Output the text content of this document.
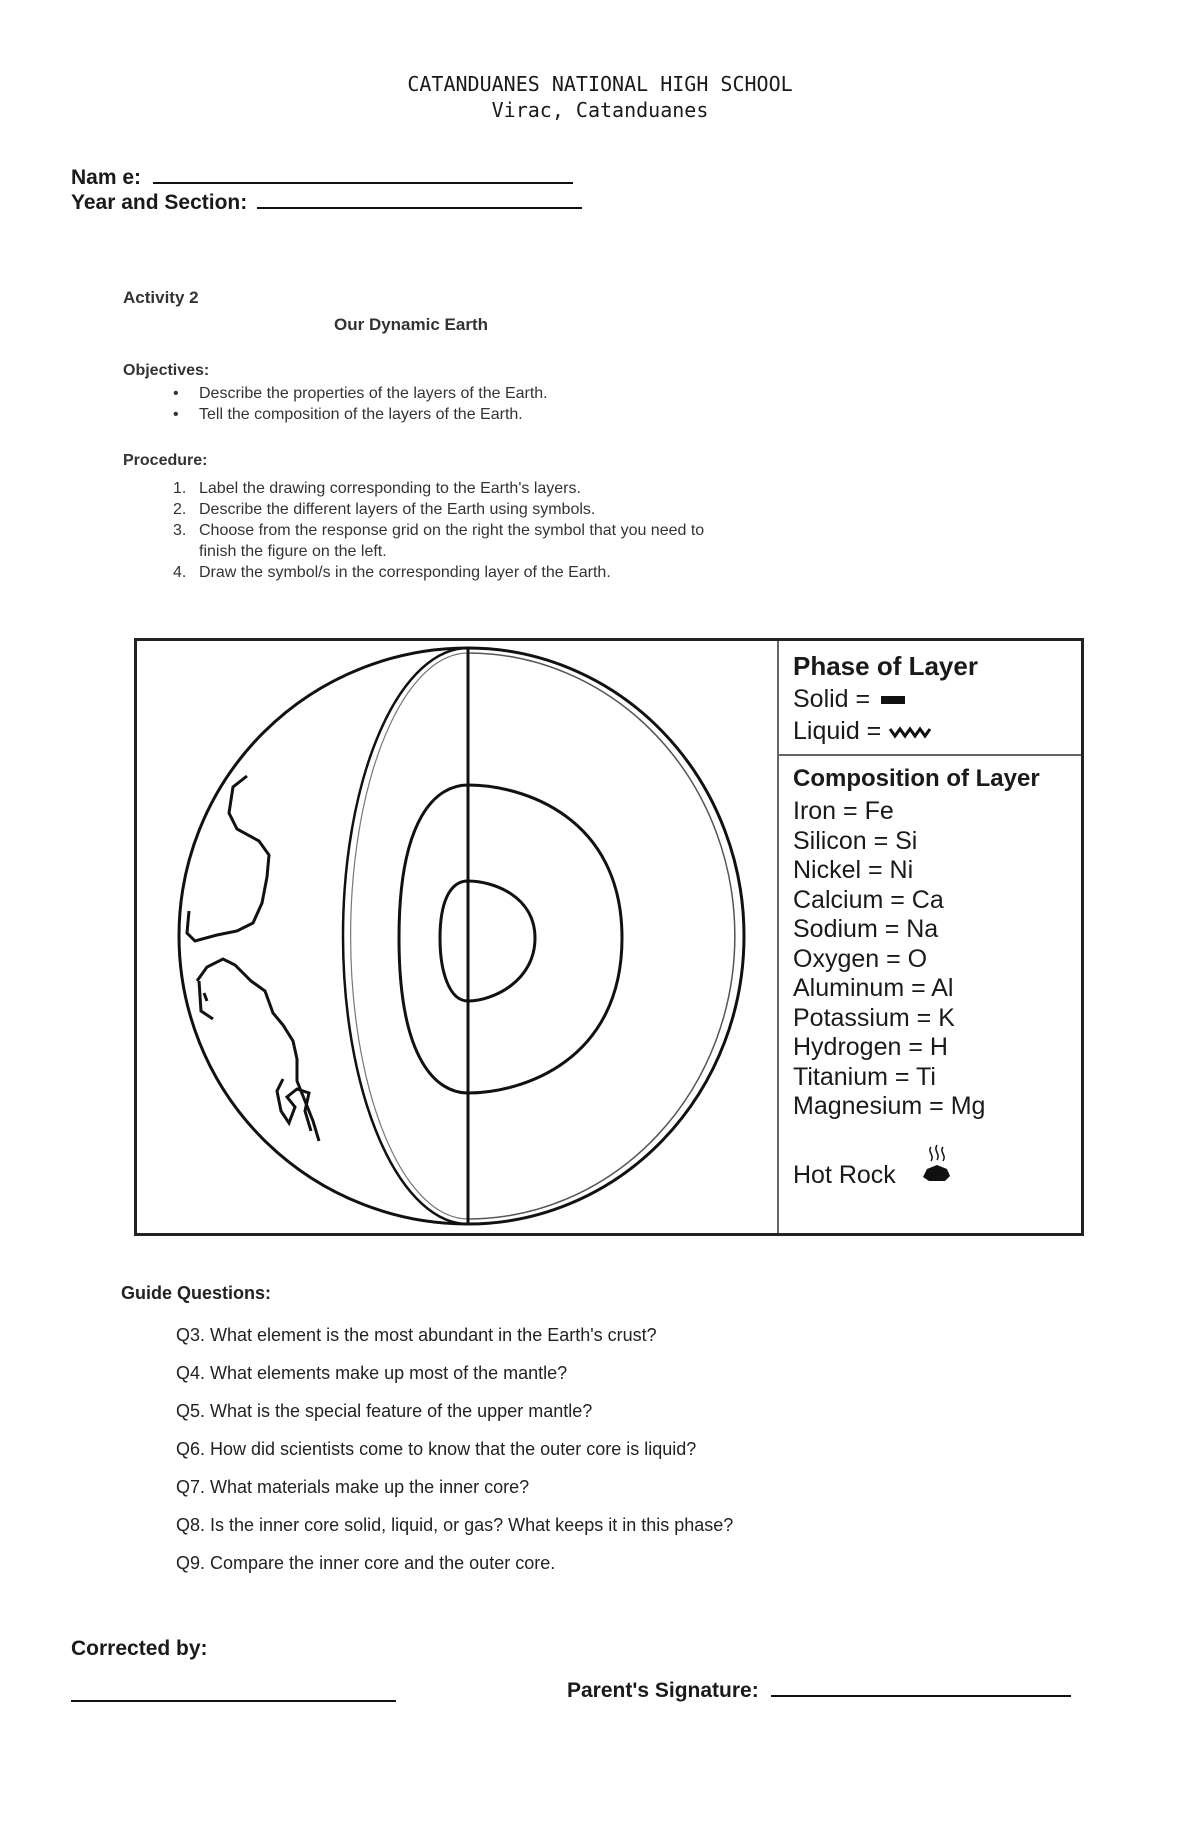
CATANDUANES NATIONAL HIGH SCHOOL
Virac, Catanduanes
Nam e:
Year and Section:
Activity 2
Our Dynamic Earth
Objectives:
• Describe the properties of the layers of the Earth.
• Tell the composition of the layers of the Earth.
Procedure:
1. Label the drawing corresponding to the Earth's layers.
2. Describe the different layers of the Earth using symbols.
3. Choose from the response grid on the right the symbol that you need to finish the figure on the left.
4. Draw the symbol/s in the corresponding layer of the Earth.
Phase of Layer
Solid =
Liquid =
Composition of Layer
Iron = Fe
Silicon = Si
Nickel = Ni
Calcium = Ca
Sodium = Na
Oxygen = O
Aluminum = Al
Potassium = K
Hydrogen = H
Titanium = Ti
Magnesium = Mg
Hot Rock
Guide Questions:
Q3. What element is the most abundant in the Earth's crust?
Q4. What elements make up most of the mantle?
Q5. What is the special feature of the upper mantle?
Q6. How did scientists come to know that the outer core is liquid?
Q7. What materials make up the inner core?
Q8. Is the inner core solid, liquid, or gas? What keeps it in this phase?
Q9. Compare the inner core and the outer core.
Corrected by:
Parent's Signature:
